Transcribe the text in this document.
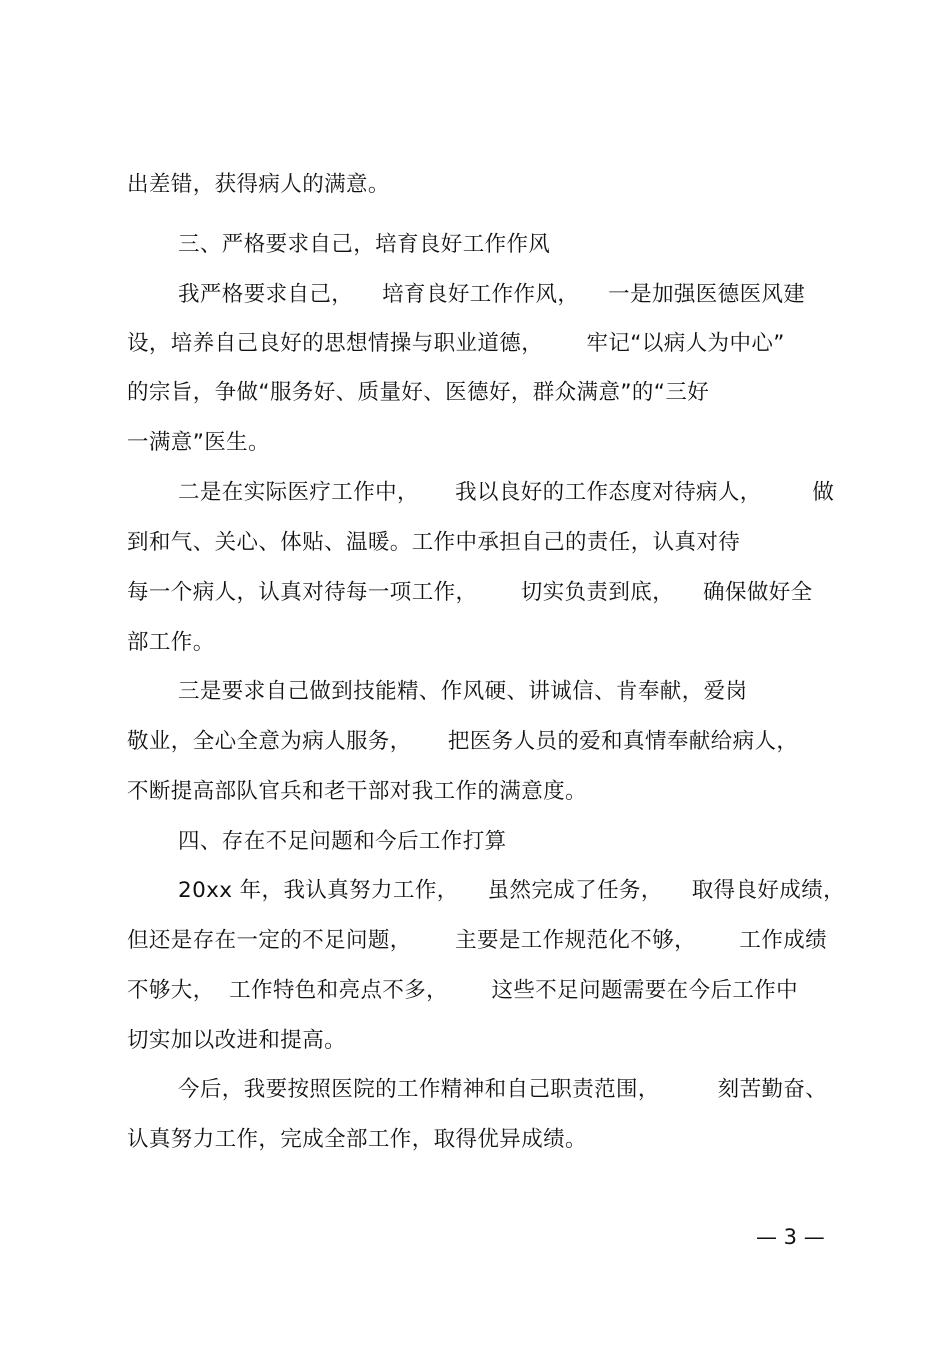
出差错，获得病人的满意。
三、严格要求自己，培育良好工作作风
我严格要求自己，    培育良好工作作风，    一是加强医德医风建
设，培养自己良好的思想情操与职业道德，      牢记“以病人为中心”
的宗旨，争做“服务好、质量好、医德好，群众满意”的“三好
一满意”医生。
二是在实际医疗工作中，     我以良好的工作态度对待病人，       做
到和气、关心、体贴、温暖。工作中承担自己的责任，认真对待
每一个病人，认真对待每一项工作，      切实负责到底，    确保做好全
部工作。
三是要求自己做到技能精、作风硬、讲诚信、肯奉献，爱岗
敬业，全心全意为病人服务，     把医务人员的爱和真情奉献给病人，
不断提高部队官兵和老干部对我工作的满意度。
四、存在不足问题和今后工作打算
20xx 年，我认真努力工作，    虽然完成了任务，    取得良好成绩，
但还是存在一定的不足问题，      主要是工作规范化不够，      工作成绩
不够大，  工作特色和亮点不多，      这些不足问题需要在今后工作中
切实加以改进和提高。
今后，我要按照医院的工作精神和自己职责范围，        刻苦勤奋、
认真努力工作，完成全部工作，取得优异成绩。
— 3 —
